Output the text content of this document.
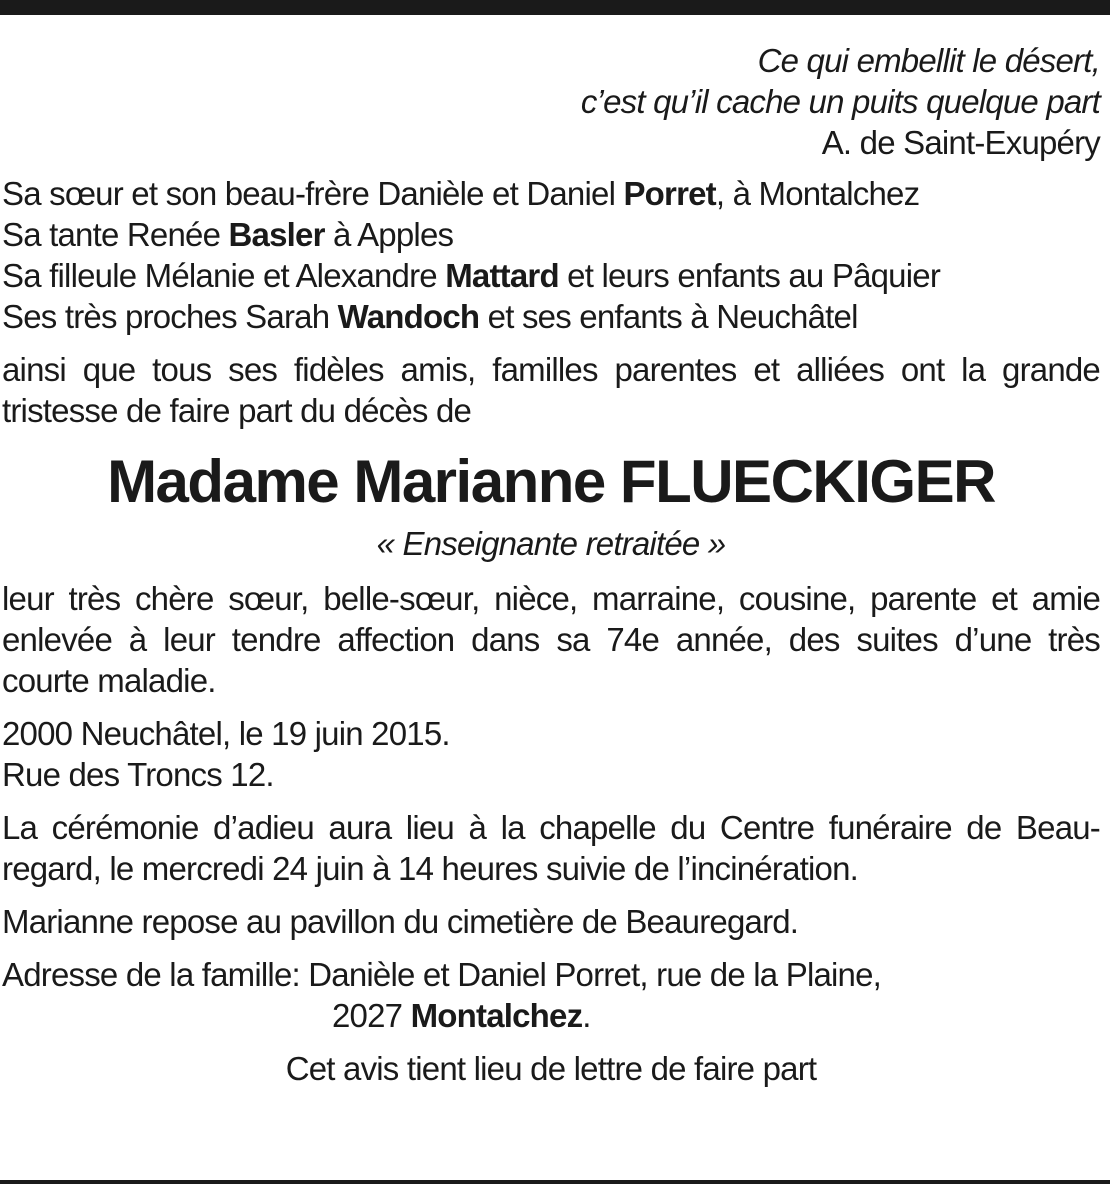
Ce qui embellit le désert,
c’est qu’il cache un puits quelque part
A. de Saint-Exupéry
Sa sœur et son beau-frère Danièle et Daniel Porret, à Montalchez
Sa tante Renée Basler à Apples
Sa filleule Mélanie et Alexandre Mattard et leurs enfants au Pâquier
Ses très proches Sarah Wandoch et ses enfants à Neuchâtel
ainsi que tous ses fidèles amis, familles parentes et alliées ont la grande
tristesse de faire part du décès de
Madame Marianne FLUECKIGER
« Enseignante retraitée »
leur très chère sœur, belle-sœur, nièce, marraine, cousine, parente et amie
enlevée à leur tendre affection dans sa 74e année, des suites d’une très
courte maladie.
2000 Neuchâtel, le 19 juin 2015.
Rue des Troncs 12.
La cérémonie d’adieu aura lieu à la chapelle du Centre funéraire de Beau-
regard, le mercredi 24 juin à 14 heures suivie de l’incinération.
Marianne repose au pavillon du cimetière de Beauregard.
Adresse de la famille: Danièle et Daniel Porret, rue de la Plaine,
2027 Montalchez.
Cet avis tient lieu de lettre de faire part
